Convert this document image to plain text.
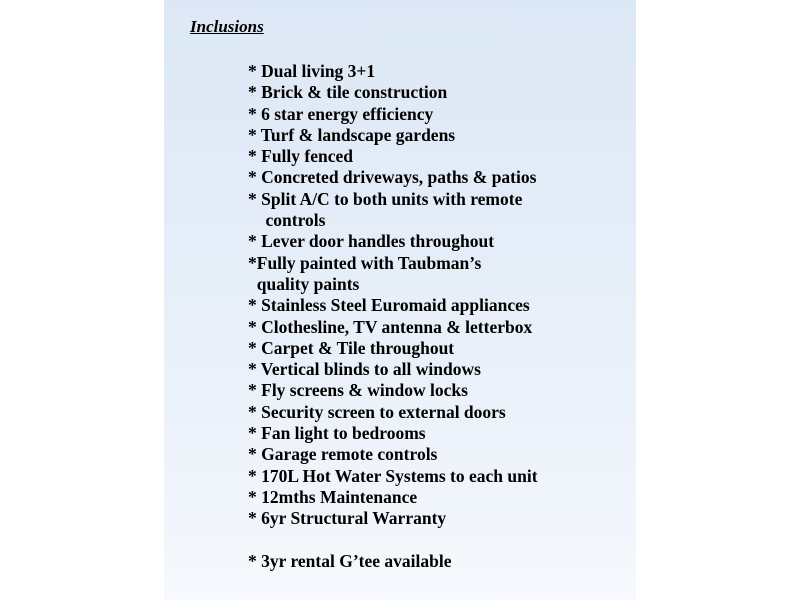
Inclusions
* Dual living 3+1
* Brick & tile construction
* 6 star energy efficiency
* Turf & landscape gardens
* Fully fenced
* Concreted driveways, paths & patios
* Split A/C to both units with remote
controls
* Lever door handles throughout
*Fully painted with Taubman’s
quality paints
* Stainless Steel Euromaid appliances
* Clothesline, TV antenna & letterbox
* Carpet & Tile throughout
* Vertical blinds to all windows
* Fly screens & window locks
* Security screen to external doors
* Fan light to bedrooms
* Garage remote controls
* 170L Hot Water Systems to each unit
* 12mths Maintenance
* 6yr Structural Warranty
* 3yr rental G’tee available
